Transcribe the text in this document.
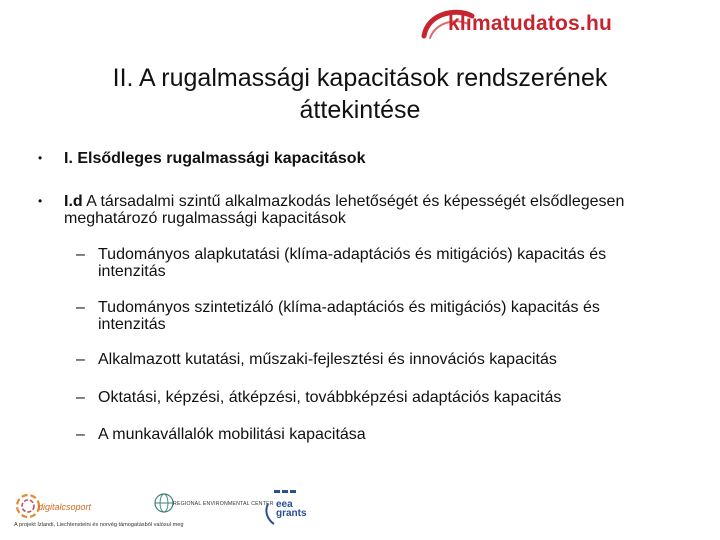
klimatudatos.hu
II. A rugalmassági kapacitások rendszerének áttekintése
• I. Elsődleges rugalmassági kapacitások
• I.d A társadalmi szintű alkalmazkodás lehetőségét és képességét elsődlegesen meghatározó rugalmassági kapacitások
– Tudományos alapkutatási (klíma-adaptációs és mitigációs) kapacitás és intenzitás
– Tudományos szintetizáló (klíma-adaptációs és mitigációs) kapacitás és intenzitás
– Alkalmazott kutatási, műszaki-fejlesztési és innovációs kapacitás
– Oktatási, képzési, átképzési, továbbképzési adaptációs kapacitás
– A munkavállalók mobilitási kapacitása
digitalcsoport	REGIONAL ENVIRONMENTAL CENTER eea grants
A projekt Izlandi, Liechtensteini és norvég támogatásból valósul meg
